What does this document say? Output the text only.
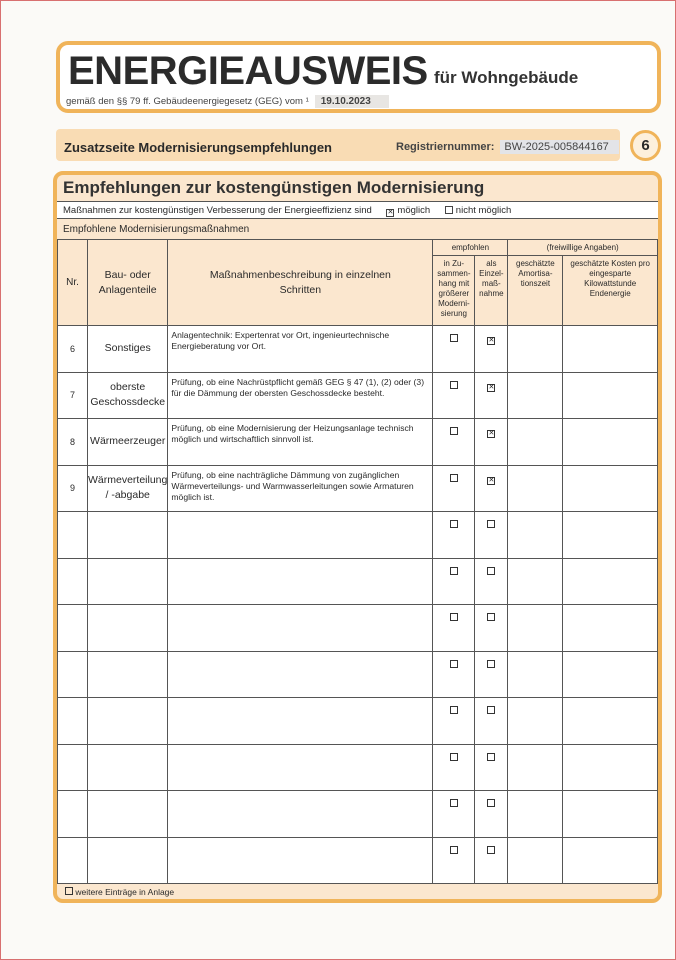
ENERGIEAUSWEIS für Wohngebäude
gemäß den §§ 79 ff. Gebäudeenergiegesetz (GEG) vom ¹ 19.10.2023
Zusatzseite Modernisierungsempfehlungen	Registriernummer: BW-2025-005844167	6
Empfehlungen zur kostengünstigen Modernisierung
Maßnahmen zur kostengünstigen Verbesserung der Energieeffizienz sind ✕ möglich	nicht möglich
Empfohlene Modernisierungsmaßnahmen
Nr.	Bau- oder Anlagenteile	Maßnahmenbeschreibung in einzelnen Schritten	empfohlen		(freiwillige Angaben)	
			in Zu-sammen-hang mit größerer Moderni-sierung	als Einzel-maß-nahme	geschätzte Amortisa-tionszeit	geschätzte Kosten pro eingesparte Kilowattstunde Endenergie
6	Sonstiges	Anlagentechnik: Expertenrat vor Ort, ingenieurtechnische Energieberatung vor Ort.		✕		
7	oberste Geschossdecke	Prüfung, ob eine Nachrüstpflicht gemäß GEG § 47 (1), (2) oder (3) für die Dämmung der obersten Geschossdecke besteht.		✕		
8	Wärmeerzeuger	Prüfung, ob eine Modernisierung der Heizungsanlage technisch möglich und wirtschaftlich sinnvoll ist.		✕		
9	Wärmeverteilung / -abgabe	Prüfung, ob eine nachträgliche Dämmung von zugänglichen Wärmeverteilungs- und Warmwasserleitungen sowie Armaturen möglich ist.		✕		

weitere Einträge in Anlage
